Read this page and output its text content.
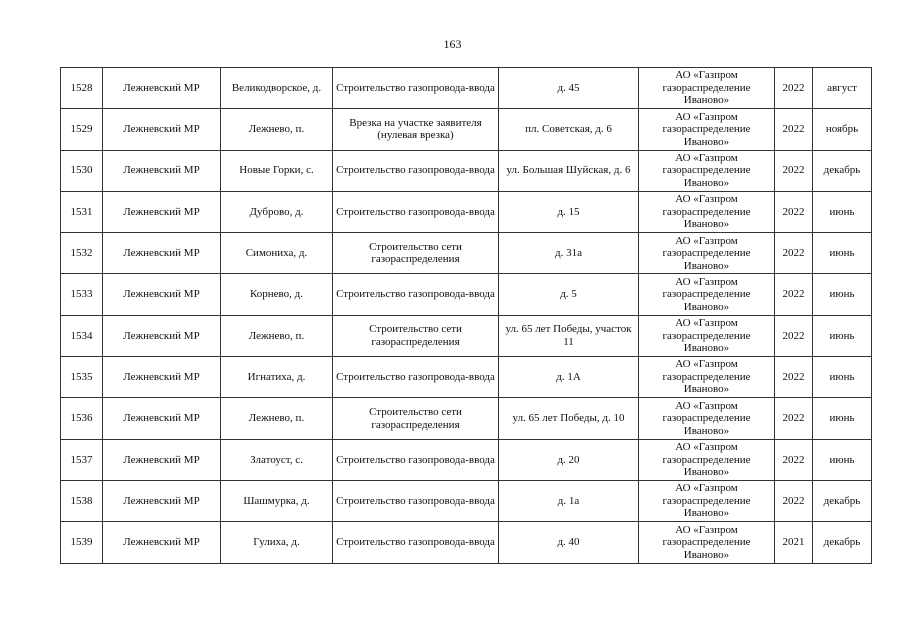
163
1528	Лежневский МР	Великодворское, д.	Строительство газопровода-ввода	д. 45	АО «Газпром газораспределение Иваново»	2022	август
1529	Лежневский МР	Лежнево, п.	Врезка на участке заявителя (нулевая врезка)	пл. Советская, д. 6	АО «Газпром газораспределение Иваново»	2022	ноябрь
1530	Лежневский МР	Новые Горки, с.	Строительство газопровода-ввода	ул. Большая Шуйская, д. 6	АО «Газпром газораспределение Иваново»	2022	декабрь
1531	Лежневский МР	Дуброво, д.	Строительство газопровода-ввода	д. 15	АО «Газпром газораспределение Иваново»	2022	июнь
1532	Лежневский МР	Симониха, д.	Строительство сети газораспределения	д. 31а	АО «Газпром газораспределение Иваново»	2022	июнь
1533	Лежневский МР	Корнево, д.	Строительство газопровода-ввода	д. 5	АО «Газпром газораспределение Иваново»	2022	июнь
1534	Лежневский МР	Лежнево, п.	Строительство сети газораспределения	ул. 65 лет Победы, участок 11	АО «Газпром газораспределение Иваново»	2022	июнь
1535	Лежневский МР	Игнатиха, д.	Строительство газопровода-ввода	д. 1А	АО «Газпром газораспределение Иваново»	2022	июнь
1536	Лежневский МР	Лежнево, п.	Строительство сети газораспределения	ул. 65 лет Победы, д. 10	АО «Газпром газораспределение Иваново»	2022	июнь
1537	Лежневский МР	Златоуст, с.	Строительство газопровода-ввода	д. 20	АО «Газпром газораспределение Иваново»	2022	июнь
1538	Лежневский МР	Шашмурка, д.	Строительство газопровода-ввода	д. 1а	АО «Газпром газораспределение Иваново»	2022	декабрь
1539	Лежневский МР	Гулиха, д.	Строительство газопровода-ввода	д. 40	АО «Газпром газораспределение Иваново»	2021	декабрь
